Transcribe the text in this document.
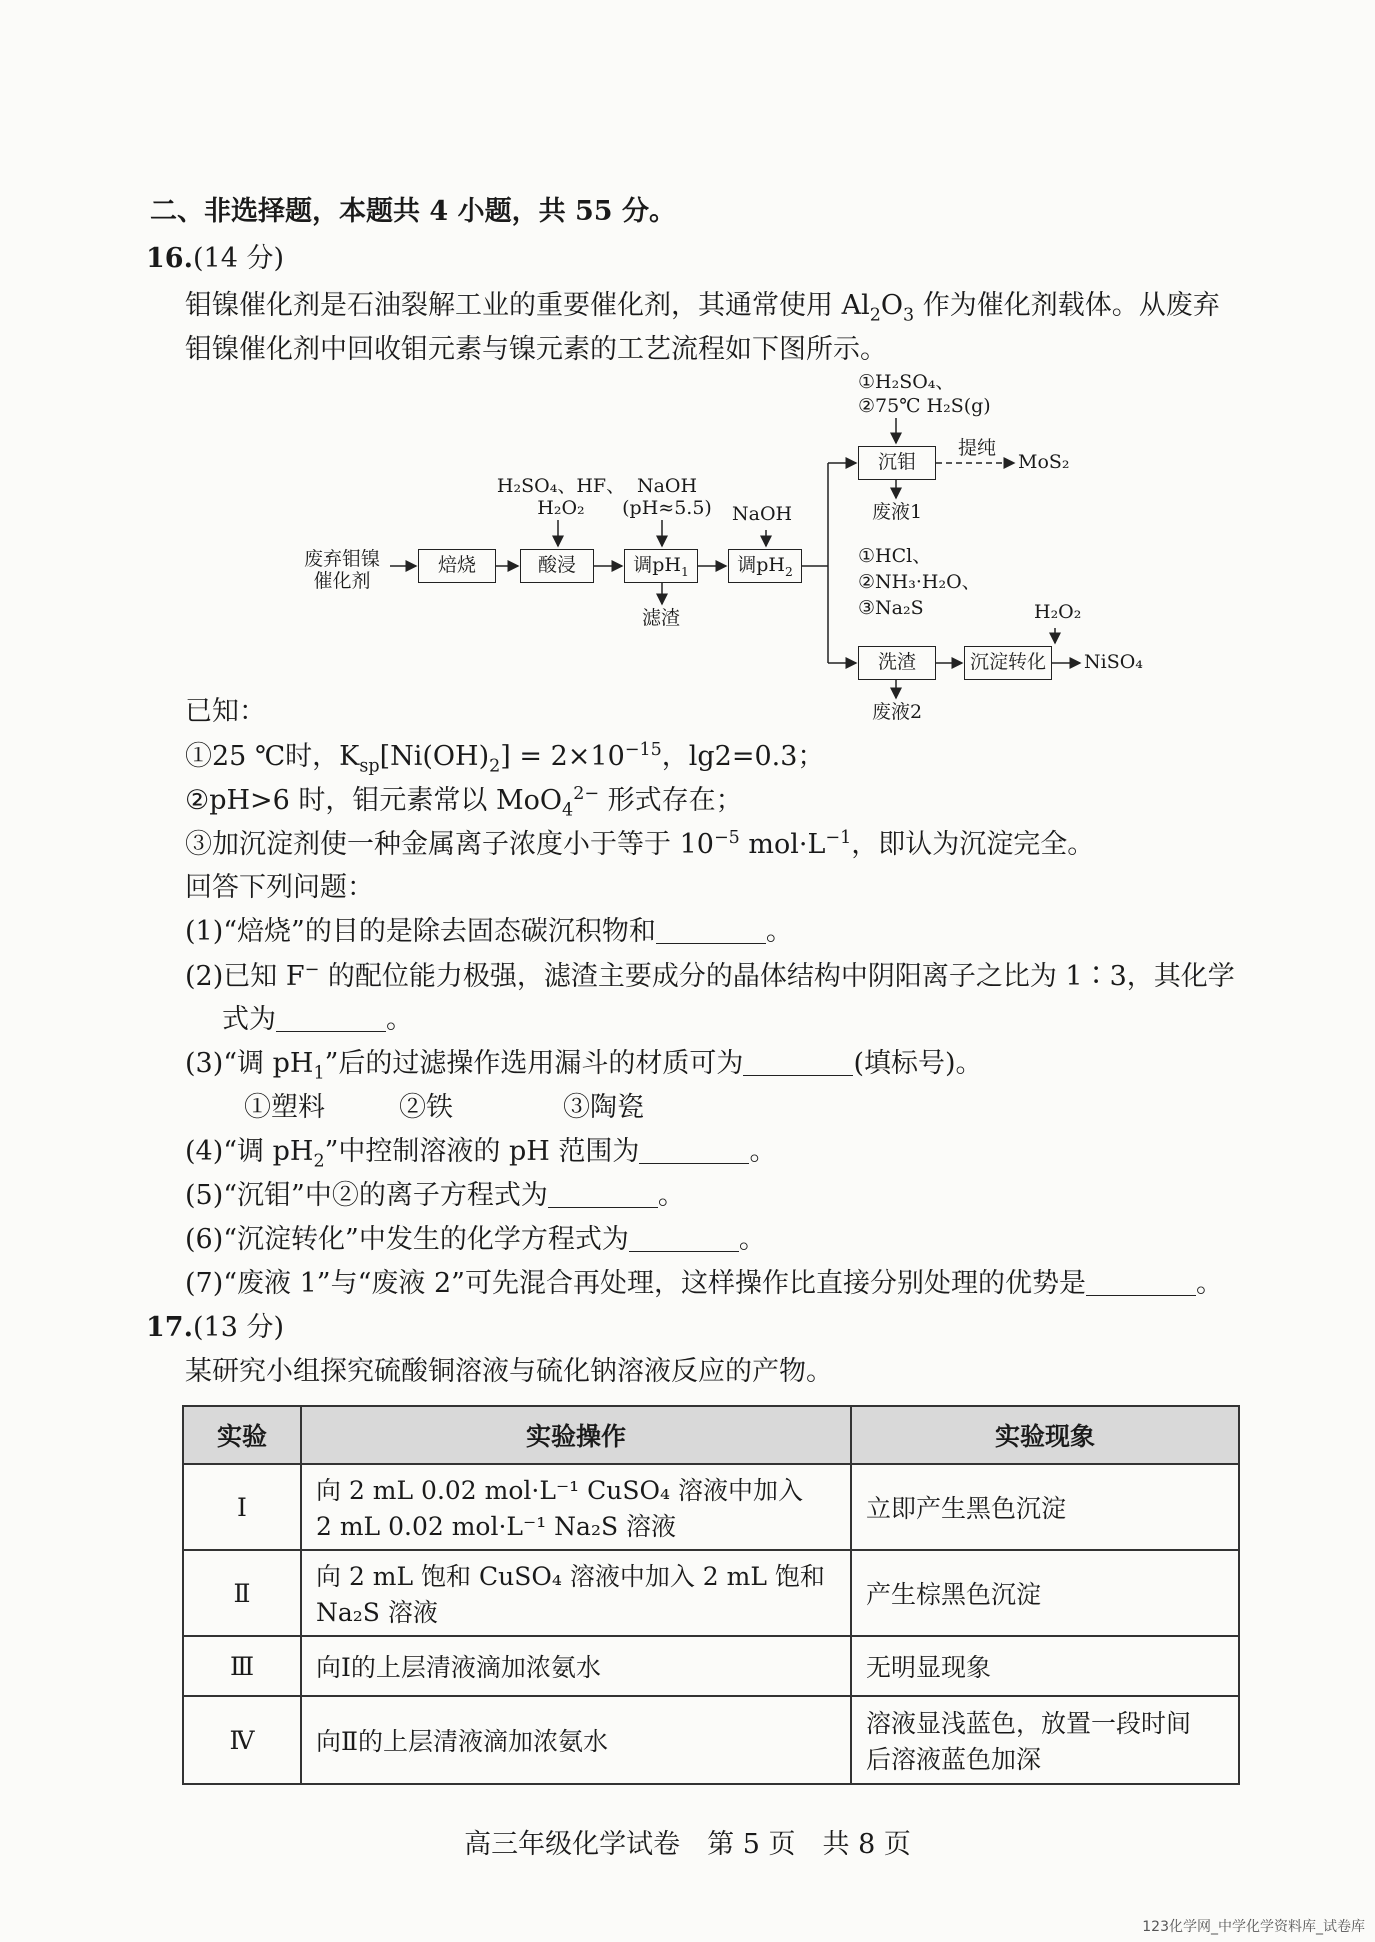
二、非选择题，本题共 4 小题，共 55 分。
16.(14 分)
钼镍催化剂是石油裂解工业的重要催化剂，其通常使用 $Al_2O_3$ 作为催化剂载体。从废弃
钼镍催化剂中回收钼元素与镍元素的工艺流程如下图所示。
废弃钼镍催化剂
焙烧	酸浸	调$pH_1$	调$pH_2$
沉钼
洗渣	沉淀转化
H₂SO₄、HF、H₂O₂
NaOH (pH≈5.5)	NaOH
滤渣
①H₂SO₄、
②75℃ H₂S(g)
提纯
MoS₂
废液1
①HCl、
②NH₃·H₂O、
③Na₂S	H₂O₂
NiSO₄
废液2
已知：
①25 ℃时，$K_{sp}[Ni(OH)_2] = 2\times 10^{-15}$，lg2=0.3；
②pH>6 时，钼元素常以 MoO$_4^{2-}$ 形式存在；
③加沉淀剂使一种金属离子浓度小于等于 $10^{-5}$ $mol\cdot L^{-1}$，即认为沉淀完全。
回答下列问题：
(1)“焙烧”的目的是除去固态碳沉积物和	。
(2)已知 F− 的配位能力极强，滤渣主要成分的晶体结构中阴阳离子之比为 1∶3，其化学
式为	。
(3)“调 $pH_1$”后的过滤操作选用漏斗的材质可为	(填标号)。
①塑料	②铁	③陶瓷
(4)“调 $pH_2$”中控制溶液的 pH 范围为	。
(5)“沉钼”中②的离子方程式为	。
(6)“沉淀转化”中发生的化学方程式为	。
(7)“废液 1”与“废液 2”可先混合再处理，这样操作比直接分别处理的优势是	。
17.(13 分)
某研究小组探究硫酸铜溶液与硫化钠溶液反应的产物。
实验	实验操作	实验现象
Ⅰ	向 2 mL 0.02 mol·L⁻¹ CuSO₄ 溶液中加入
2 mL 0.02 mol·L⁻¹ Na₂S 溶液	立即产生黑色沉淀
Ⅱ	向 2 mL 饱和 CuSO₄ 溶液中加入 2 mL 饱和
Na₂S 溶液	产生棕黑色沉淀
Ⅲ	向Ⅰ的上层清液滴加浓氨水	无明显现象
Ⅳ	向Ⅱ的上层清液滴加浓氨水	溶液显浅蓝色，放置一段时间
后溶液蓝色加深
高三年级化学试卷　第 5 页　共 8 页
123化学网_中学化学资料库_试卷库
